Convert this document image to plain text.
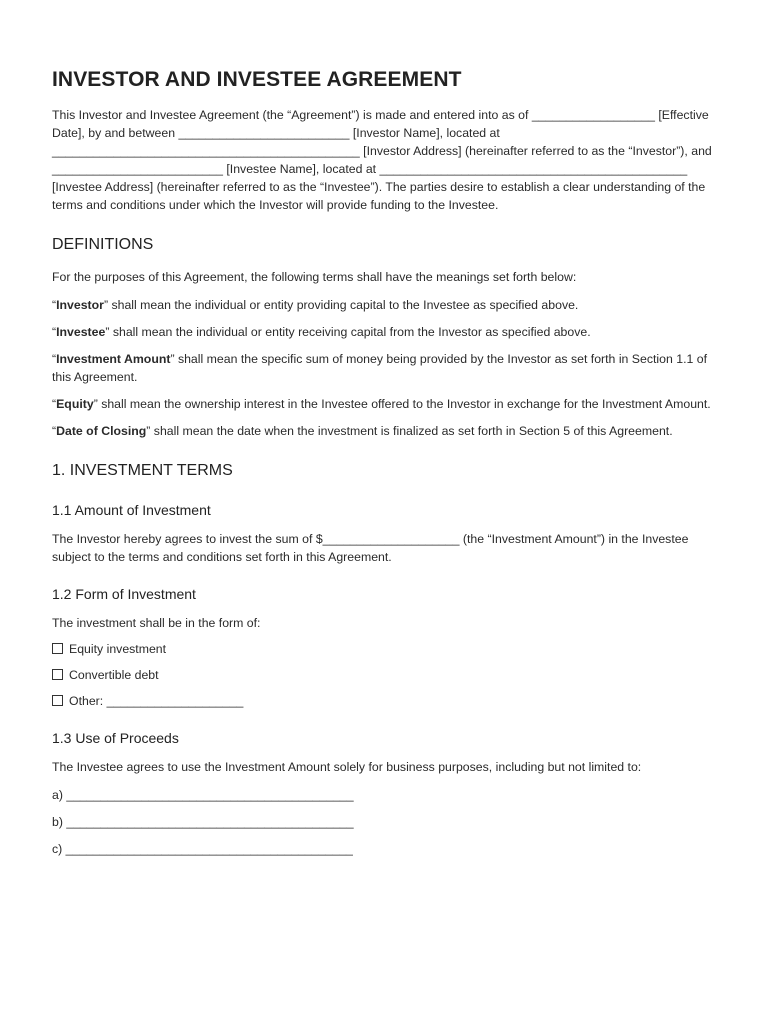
INVESTOR AND INVESTEE AGREEMENT

This Investor and Investee Agreement (the “Agreement”) is made and entered into as of __________________ [Effective Date], by and between _________________________ [Investor Name], located at _____________________________________________ [Investor Address] (hereinafter referred to as the “Investor”), and _________________________ [Investee Name], located at _____________________________________________ [Investee Address] (hereinafter referred to as the “Investee”). The parties desire to establish a clear understanding of the terms and conditions under which the Investor will provide funding to the Investee.

DEFINITIONS

For the purposes of this Agreement, the following terms shall have the meanings set forth below:

“Investor” shall mean the individual or entity providing capital to the Investee as specified above.

“Investee” shall mean the individual or entity receiving capital from the Investor as specified above.

“Investment Amount” shall mean the specific sum of money being provided by the Investor as set forth in Section 1.1 of this Agreement.

“Equity” shall mean the ownership interest in the Investee offered to the Investor in exchange for the Investment Amount.

“Date of Closing” shall mean the date when the investment is finalized as set forth in Section 5 of this Agreement.

1. INVESTMENT TERMS
1.1 Amount of Investment

The Investor hereby agrees to invest the sum of $____________________ (the “Investment Amount”) in the Investee subject to the terms and conditions set forth in this Agreement.

1.2 Form of Investment

The investment shall be in the form of:

Equity investment
Convertible debt
Other: ____________________
1.3 Use of Proceeds

The Investee agrees to use the Investment Amount solely for business purposes, including but not limited to:

a) __________________________________________
b) __________________________________________
c) __________________________________________
